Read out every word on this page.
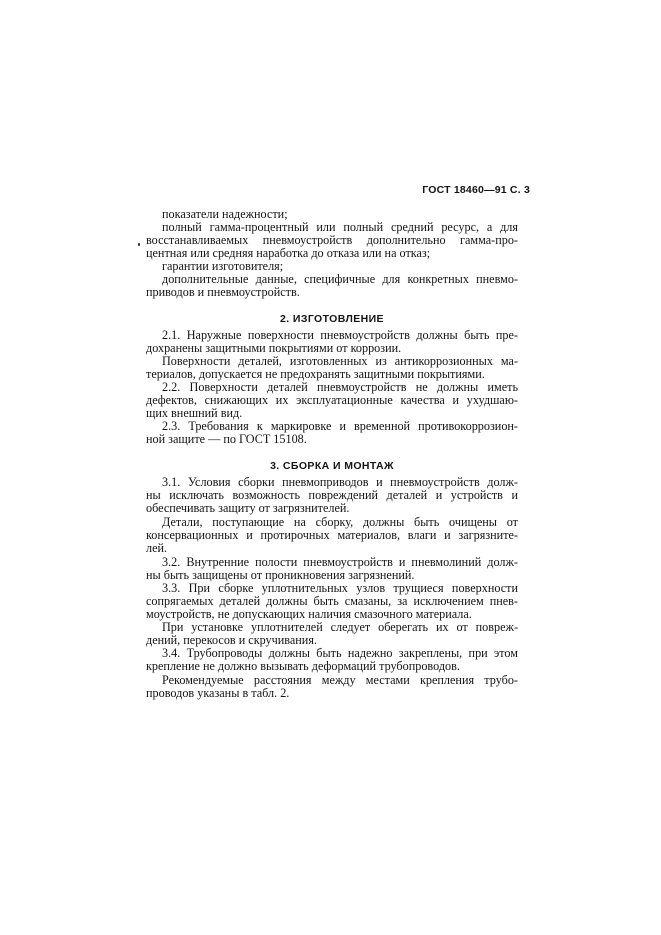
ГОСТ 18460—91 С. 3
показатели надежности;
полный гамма-процентный или полный средний ресурс, а для
восстанавливаемых пневмоустройств дополнительно гамма-про-
центная или средняя наработка до отказа или на отказ;
гарантии изготовителя;
дополнительные данные, специфичные для конкретных пневмо-
приводов и пневмоустройств.
2. ИЗГОТОВЛЕНИЕ
2.1. Наружные поверхности пневмоустройств должны быть пре-
дохранены защитными покрытиями от коррозии.
Поверхности деталей, изготовленных из антикоррозионных ма-
териалов, допускается не предохранять защитными покрытиями.
2.2. Поверхности деталей пневмоустройств не должны иметь
дефектов, снижающих их эксплуатационные качества и ухудшаю-
щих внешний вид.
2.3. Требования к маркировке и временной противокоррозион-
ной защите — по ГОСТ 15108.
3. СБОРКА И МОНТАЖ
3.1. Условия сборки пневмоприводов и пневмоустройств долж-
ны исключать возможность повреждений деталей и устройств и
обеспечивать защиту от загрязнителей.
Детали, поступающие на сборку, должны быть очищены от
консервационных и протирочных материалов, влаги и загрязните-
лей.
3.2. Внутренние полости пневмоустройств и пневмолиний долж-
ны быть защищены от проникновения загрязнений.
3.3. При сборке уплотнительных узлов трущиеся поверхности
сопрягаемых деталей должны быть смазаны, за исключением пнев-
моустройств, не допускающих наличия смазочного материала.
При установке уплотнителей следует оберегать их от повреж-
дений, перекосов и скручивания.
3.4. Трубопроводы должны быть надежно закреплены, при этом
крепление не должно вызывать деформаций трубопроводов.
Рекомендуемые расстояния между местами крепления трубо-
проводов указаны в табл. 2.
